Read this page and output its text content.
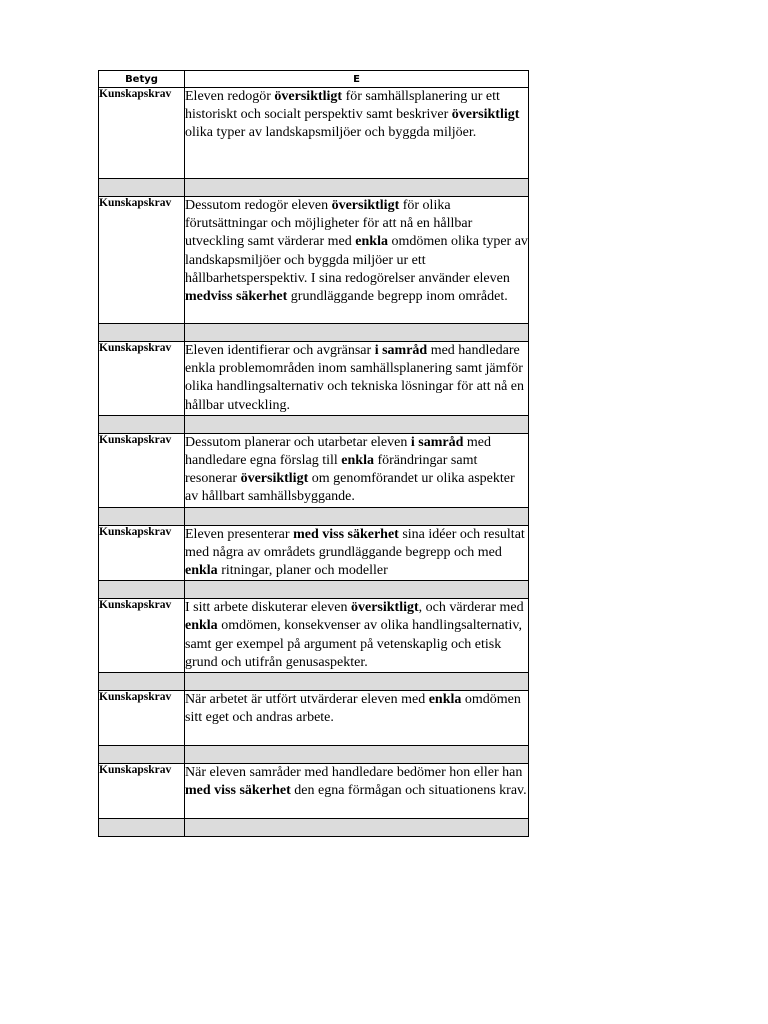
Betyg	E
Kunskapskrav	Eleven redogör översiktligt för samhällsplanering ur ett historiskt och socialt perspektiv samt beskriver översiktligt olika typer av landskapsmiljöer och byggda miljöer.

Kunskapskrav	Dessutom redogör eleven översiktligt för olika förutsättningar och möjligheter för att nå en hållbar utveckling samt värderar med enkla omdömen olika typer av landskapsmiljöer och byggda miljöer ur ett hållbarhetsperspektiv. I sina redogörelser använder eleven medviss säkerhet grundläggande begrepp inom området.

Kunskapskrav	Eleven identifierar och avgränsar i samråd med handledare enkla problemområden inom samhällsplanering samt jämför olika handlingsalternativ och tekniska lösningar för att nå en hållbar utveckling.

Kunskapskrav	Dessutom planerar och utarbetar eleven i samråd med handledare egna förslag till enkla förändringar samt resonerar översiktligt om genomförandet ur olika aspekter av hållbart samhällsbyggande.

Kunskapskrav	Eleven presenterar med viss säkerhet sina idéer och resultat med några av områdets grundläggande begrepp och med enkla ritningar, planer och modeller

Kunskapskrav	I sitt arbete diskuterar eleven översiktligt, och värderar med enkla omdömen, konsekvenser av olika handlingsalternativ, samt ger exempel på argument på vetenskaplig och etisk grund och utifrån genusaspekter.

Kunskapskrav	När arbetet är utfört utvärderar eleven med enkla omdömen sitt eget och andras arbete.

Kunskapskrav	När eleven samråder med handledare bedömer hon eller han med viss säkerhet den egna förmågan och situationens krav.
